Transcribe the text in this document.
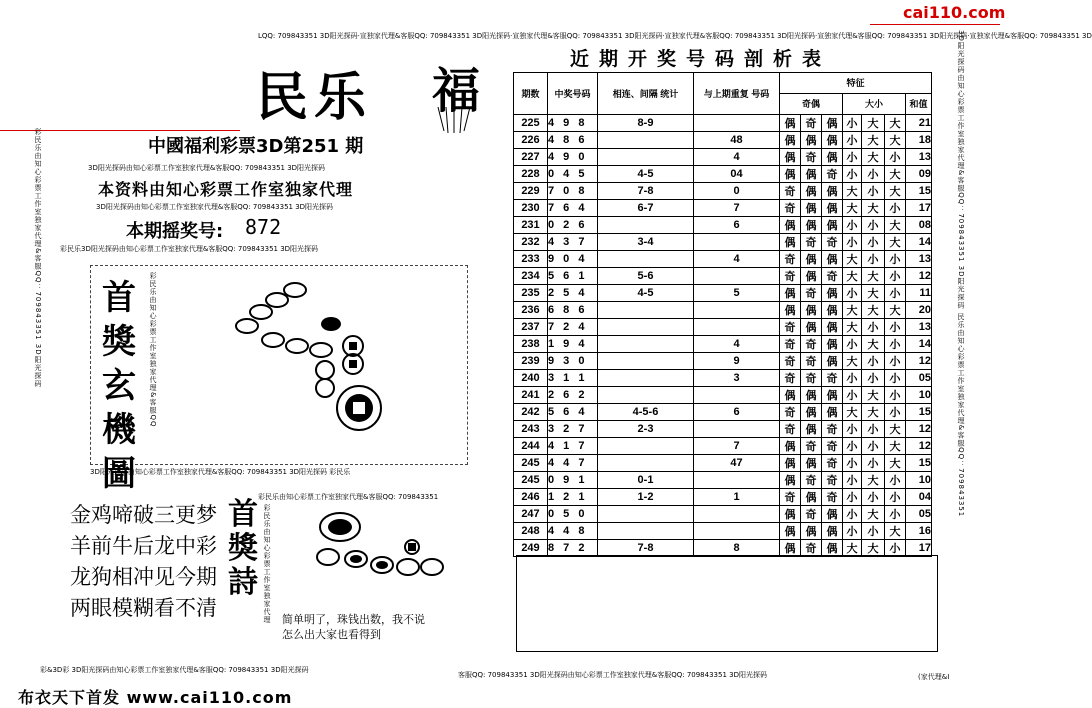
cai110.com
LQQ: 709843351 3D阳光探码·宣独家代理&客服QQ: 709843351 3D阳光探码·宣独家代理&客服QQ: 709843351 3D阳光探码·宣独家代理&客服QQ: 709843351 3D阳光探码·宣独家代理&客服QQ: 709843351 3D阳光探码·宣独家代理&客服QQ: 709843351 3D
彩民乐由知心彩票工作室独家代理&客服QQ：709843351 3D阳光探码	3D阳光探码由知心彩票工作室独家代理&客服QQ：709843351 3D阳光探码 民乐由知心彩票工作室独家代理&客服QQ：709843351
民乐 福
中國福利彩票3D第251 期
3D阳光探码由知心彩票工作室独家代理&客服QQ: 709843351 3D阳光探码
本资料由知心彩票工作室独家代理
3D阳光探码由知心彩票工作室独家代理&客服QQ: 709843351 3D阳光探码
本期摇奖号: 872
彩民乐3D阳光探码由知心彩票工作室独家代理&客服QQ: 709843351 3D阳光探码
首
獎
玄
機
圖
彩民乐由知心彩票工作室独家代理&客服QQ
3D阳光探码由知心彩票工作室独家代理&客服QQ: 709843351 3D阳光探码 彩民乐
金鸡啼破三更梦
羊前牛后龙中彩
龙狗相冲见今期
两眼模糊看不清
首
獎
詩
彩民乐由知心彩票工作室独家代理&客服QQ: 709843351
彩民乐由知心彩票工作室独家代理 简单明了，珠钱出数，我不说
怎么出大家也看得到
彩&3D彩 3D阳光探码由知心彩票工作室独家代理&客服QQ: 709843351 3D阳光探码
客服QQ: 709843351 3D阳光探码由知心彩票工作室独家代理&客服QQ: 709843351 3D阳光探码	(家代理&I
布衣天下首发 www.cai110.com
近期开奖号码剖析表
期数	中奖号码	相连、间隔 统计	与上期重复 号码	特征						
				奇偶			大小			和值
225	4 9 8	8-9		偶	奇	偶	小	大	大	21
226	4 8 6		48	偶	偶	偶	小	大	大	18
227	4 9 0		4	偶	奇	偶	小	大	小	13
228	0 4 5	4-5	04	偶	偶	奇	小	小	大	09
229	7 0 8	7-8	0	奇	偶	偶	大	小	大	15
230	7 6 4	6-7	7	奇	偶	偶	大	大	小	17
231	0 2 6		6	偶	偶	偶	小	小	大	08
232	4 3 7	3-4		偶	奇	奇	小	小	大	14
233	9 0 4		4	奇	偶	偶	大	小	小	13
234	5 6 1	5-6		奇	偶	奇	大	大	小	12
235	2 5 4	4-5	5	偶	奇	偶	小	大	小	11
236	6 8 6			偶	偶	偶	大	大	大	20
237	7 2 4			奇	偶	偶	大	小	小	13
238	1 9 4		4	奇	奇	偶	小	大	小	14
239	9 3 0		9	奇	奇	偶	大	小	小	12
240	3 1 1		3	奇	奇	奇	小	小	小	05
241	2 6 2			偶	偶	偶	小	大	小	10
242	5 6 4	4-5-6	6	奇	偶	偶	大	大	小	15
243	3 2 7	2-3		奇	偶	奇	小	小	大	12
244	4 1 7		7	偶	奇	奇	小	小	大	12
245	4 4 7		47	偶	偶	奇	小	小	大	15
245	0 9 1	0-1		偶	奇	奇	小	大	小	10
246	1 2 1	1-2	1	奇	偶	奇	小	小	小	04
247	0 5 0			偶	奇	偶	小	大	小	05
248	4 4 8			偶	偶	偶	小	小	大	16
249	8 7 2	7-8	8	偶	奇	偶	大	大	小	17
